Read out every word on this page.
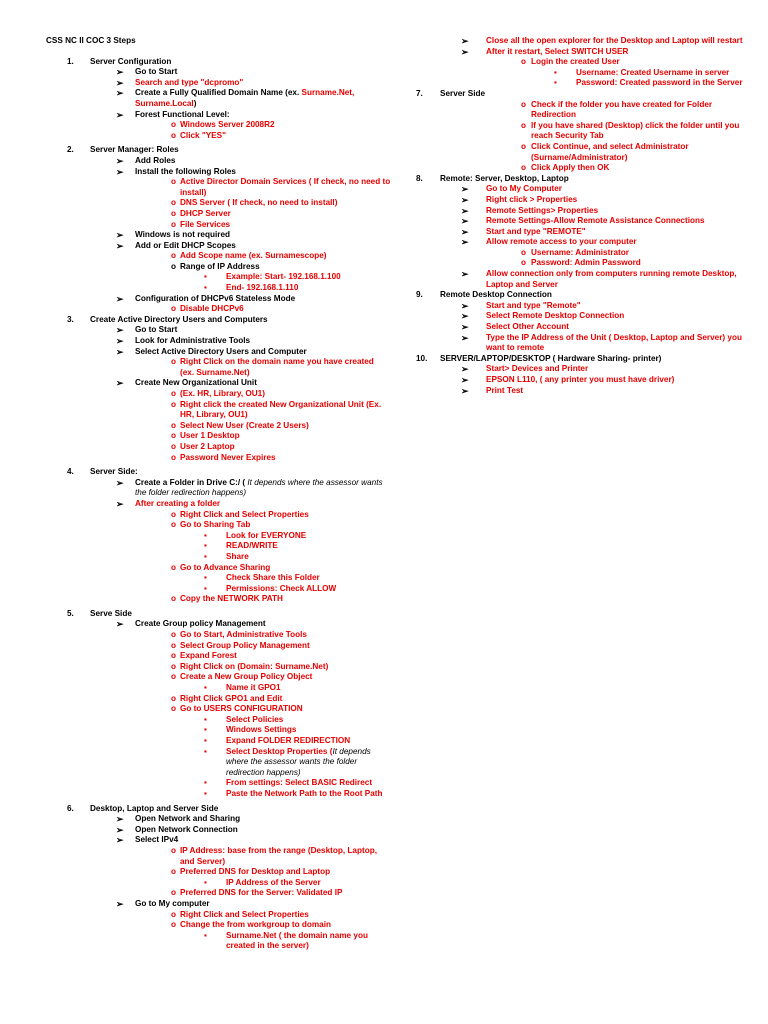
CSS NC II COC 3 Steps
1. Server Configuration
➢ Go to Start
➢ Search and type "dcpromo"
➢ Create a Fully Qualified Domain Name (ex. Surname.Net, Surname.Local)
➢ Forest Functional Level:
o Windows Server 2008R2
o Click "YES"
2. Server Manager: Roles
➢ Add Roles
➢ Install the following Roles
o Active Director Domain Services ( If check, no need to install)
o DNS Server ( If check, no need to install)
o DHCP Server
o File Services
➢ Windows is not required
➢ Add or Edit DHCP Scopes
o Add Scope name (ex. Surnamescope)
o Range of IP Address
▪ Example: Start- 192.168.1.100
▪ End- 192.168.1.110
➢ Configuration of DHCPv6 Stateless Mode
o Disable DHCPv6
3. Create Active Directory Users and Computers
➢ Go to Start
➢ Look for Administrative Tools
➢ Select Active Directory Users and Computer
o Right Click on the domain name you have created
(ex. Surname.Net)
➢ Create New Organizational Unit
o (Ex. HR, Library, OU1)
o Right click the created New Organizational Unit (Ex. HR, Library, OU1)
o Select New User (Create 2 Users)
o User 1 Desktop
o User 2 Laptop
o Password Never Expires
4. Server Side:
➢ Create a Folder in Drive C:/ ( It depends where the assessor wants the folder redirection happens)
➢ After creating a folder
o Right Click and Select Properties
o Go to Sharing Tab
▪ Look for EVERYONE
▪ READ/WRITE
▪ Share
o Go to Advance Sharing
▪ Check Share this Folder
▪ Permissions: Check ALLOW
o Copy the NETWORK PATH
5. Serve Side
➢ Create Group policy Management
o Go to Start, Administrative Tools
o Select Group Policy Management
o Expand Forest
o Right Click on (Domain: Surname.Net)
o Create a New Group Policy Object
▪ Name it GPO1
o Right Click GPO1 and Edit
o Go to USERS CONFIGURATION
▪ Select Policies
▪ Windows Settings
▪ Expand FOLDER REDIRECTION
▪ Select Desktop Properties (It depends where the assessor wants the folder redirection happens)
▪ From settings: Select BASIC Redirect
▪ Paste the Network Path to the Root Path
6. Desktop, Laptop and Server Side
➢ Open Network and Sharing
➢ Open Network Connection
➢ Select IPv4
o IP Address: base from the range (Desktop, Laptop, and Server)
o Preferred DNS for Desktop and Laptop
▪ IP Address of the Server
o Preferred DNS for the Server: Validated IP
➢ Go to My computer
o Right Click and Select Properties
o Change the from workgroup to domain
▪ Surname.Net ( the domain name you created in the server)
➢ Close all the open explorer for the Desktop and Laptop will restart
➢ After it restart, Select SWITCH USER
o Login the created User
▪ Username: Created Username in server
▪ Password: Created password in the Server
7. Server Side
o Check if the folder you have created for Folder Redirection
o If you have shared (Desktop) click the folder until you reach Security Tab
o Click Continue, and select Administrator (Surname/Administrator)
o Click Apply then OK
8. Remote: Server, Desktop, Laptop
➢ Go to My Computer
➢ Right click > Properties
➢ Remote Settings> Properties
➢ Remote Settings-Allow Remote Assistance Connections
➢ Start and type "REMOTE"
➢ Allow remote access to your computer
o Username: Administrator
o Password: Admin Password
➢ Allow connection only from computers running remote Desktop, Laptop and Server
9. Remote Desktop Connection
➢ Start and type "Remote"
➢ Select Remote Desktop Connection
➢ Select Other Account
➢ Type the IP Address of the Unit ( Desktop, Laptop and Server) you want to remote
10. SERVER/LAPTOP/DESKTOP ( Hardware Sharing- printer)
➢ Start> Devices and Printer
➢ EPSON L110, ( any printer you must have driver)
➢ Print Test
